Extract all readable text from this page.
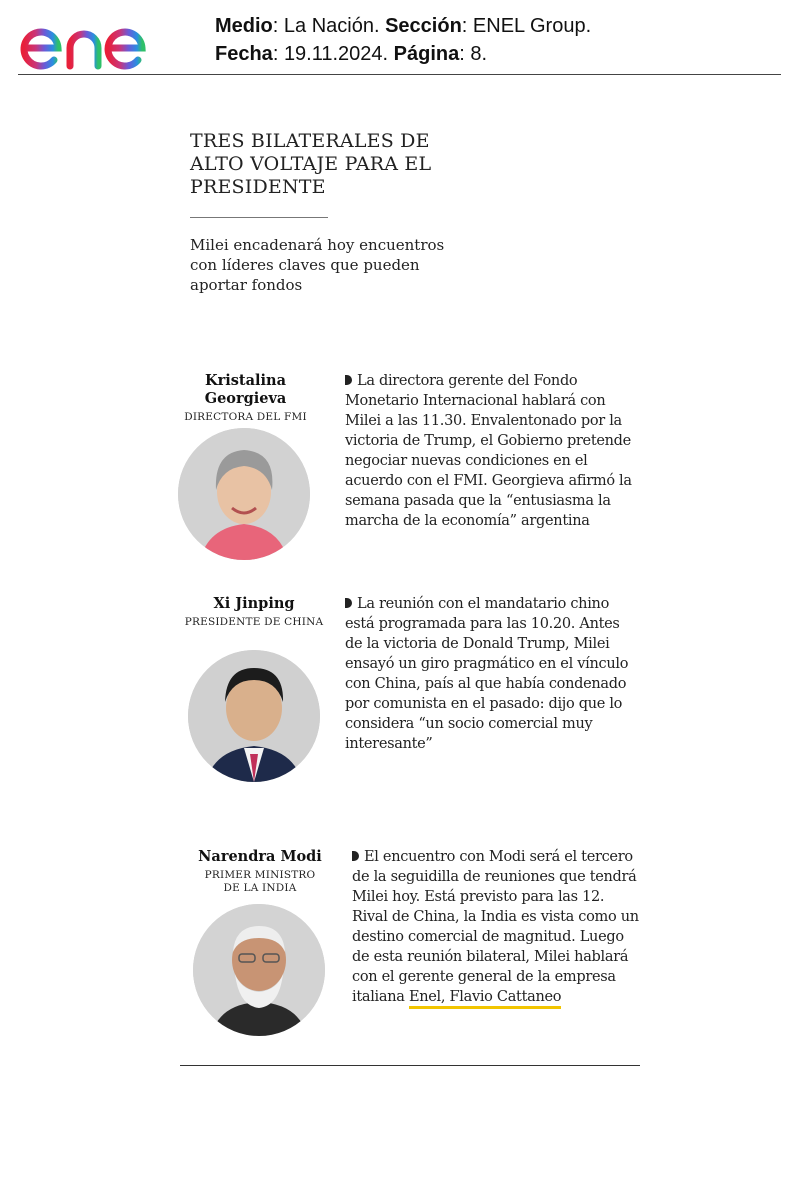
Medio: La Nación. Sección: ENEL Group.
Fecha: 19.11.2024. Página: 8.
TRES BILATERALES DE ALTO VOLTAJE PARA EL PRESIDENTE

Milei encadenará hoy encuentros con líderes claves que pueden aportar fondos

Kristalina Georgieva
DIRECTORA DEL FMI

La directora gerente del Fondo Monetario Internacional hablará con Milei a las 11.30. Envalentonado por la victoria de Trump, el Gobierno pretende negociar nuevas condiciones en el acuerdo con el FMI. Georgieva afirmó la semana pasada que la “entusiasma la marcha de la economía” argentina

Xi Jinping
PRESIDENTE DE CHINA

La reunión con el mandatario chino está programada para las 10.20. Antes de la victoria de Donald Trump, Milei ensayó un giro pragmático en el vínculo con China, país al que había condenado por comunista en el pasado: dijo que lo considera “un socio comercial muy interesante”

Narendra Modi
PRIMER MINISTRO DE LA INDIA

El encuentro con Modi será el tercero de la seguidilla de reuniones que tendrá Milei hoy. Está previsto para las 12. Rival de China, la India es vista como un destino comercial de magnitud. Luego de esta reunión bilateral, Milei hablará con el gerente general de la empresa italiana Enel, Flavio Cattaneo
